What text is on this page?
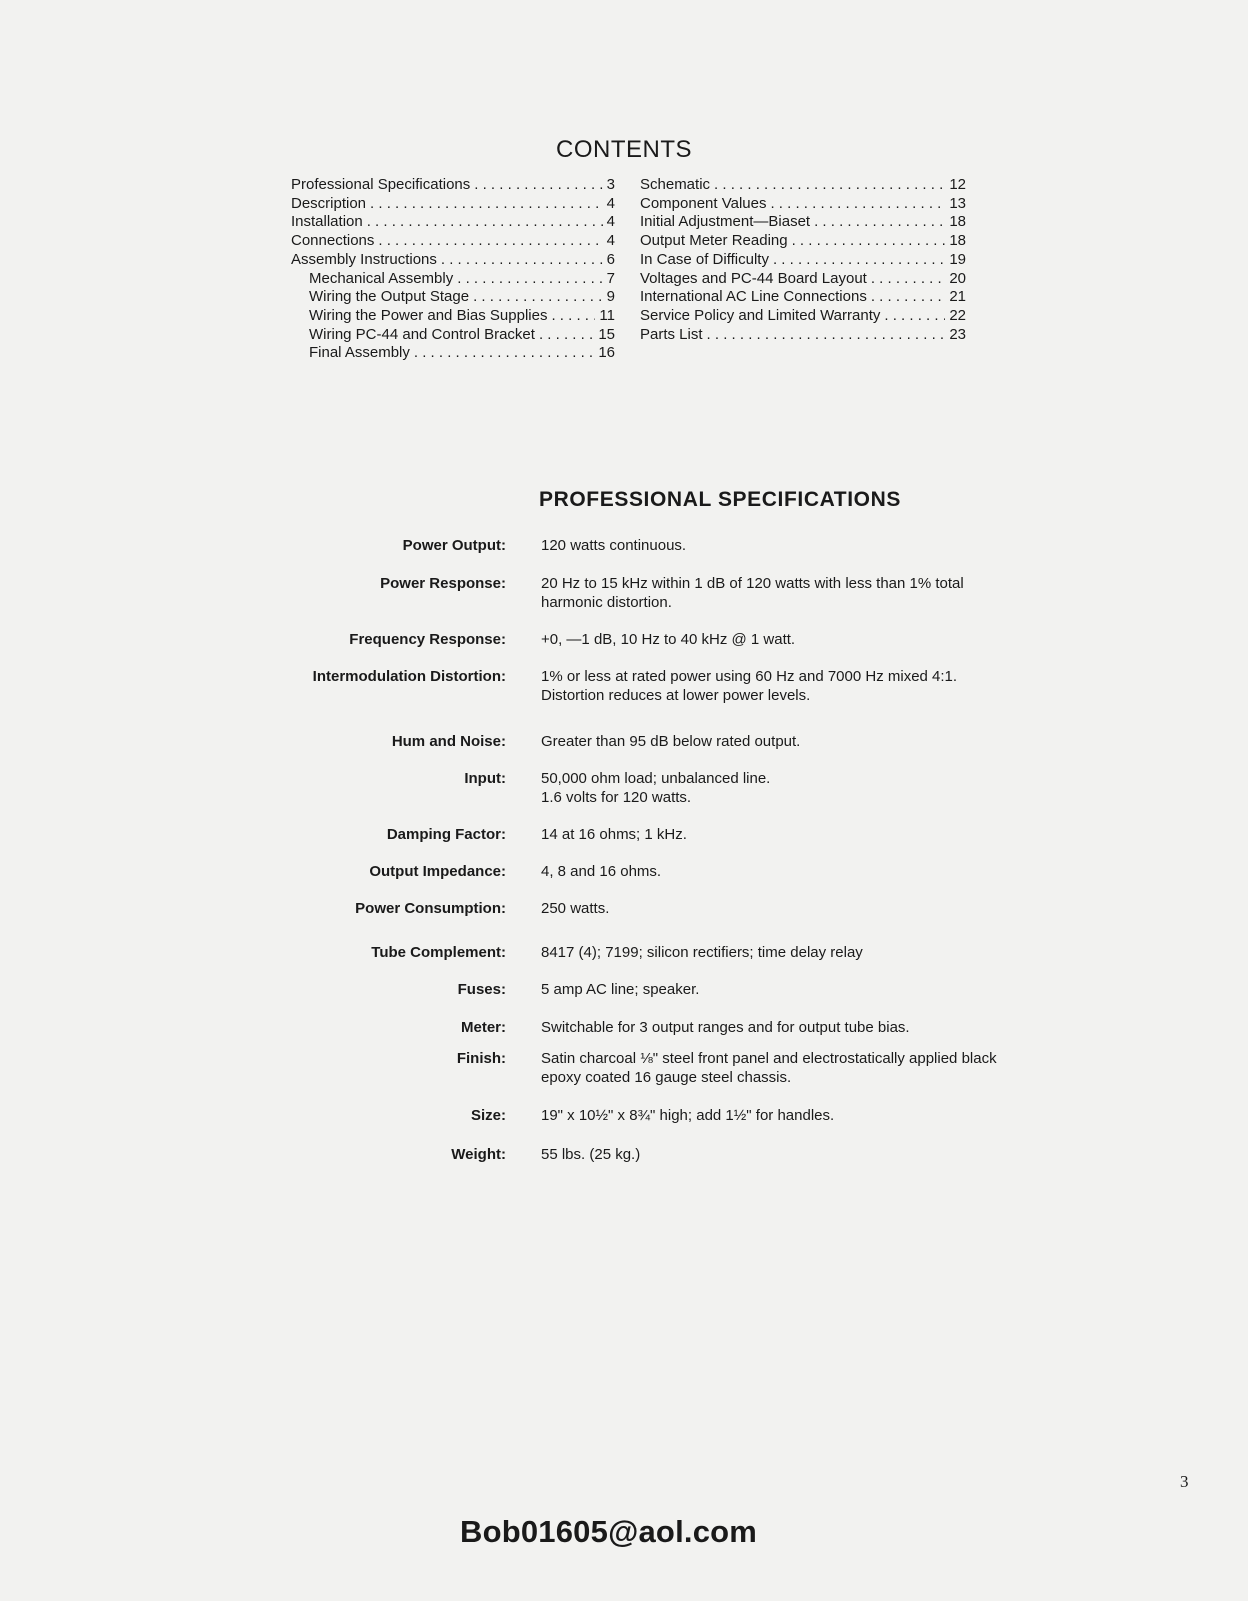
CONTENTS
Professional Specifications . . .	3
Description . . .	4
Installation . . .	4
Connections . . .	4
Assembly Instructions . . .	6
Mechanical Assembly . . .	7
Wiring the Output Stage . . .	9
Wiring the Power and Bias Supplies . . .	11
Wiring PC-44 and Control Bracket . . .	15
Final Assembly . . .	16
Schematic . . .	12
Component Values . . .	13
Initial Adjustment—Biaset . . .	18
Output Meter Reading . . .	18
In Case of Difficulty . . .	19
Voltages and PC-44 Board Layout . . .	20
International AC Line Connections . . .	21
Service Policy and Limited Warranty . . .	22
Parts List . . .	23
PROFESSIONAL SPECIFICATIONS
Power Output: 120 watts continuous.
Power Response: 20 Hz to 15 kHz within 1 dB of 120 watts with less than 1% total harmonic distortion.
Frequency Response: +0, —1 dB, 10 Hz to 40 kHz @ 1 watt.
Intermodulation Distortion: 1% or less at rated power using 60 Hz and 7000 Hz mixed 4:1. Distortion reduces at lower power levels.
Hum and Noise: Greater than 95 dB below rated output.
Input: 50,000 ohm load; unbalanced line.
1.6 volts for 120 watts.
Damping Factor: 14 at 16 ohms; 1 kHz.
Output Impedance: 4, 8 and 16 ohms.
Power Consumption: 250 watts.
Tube Complement: 8417 (4); 7199; silicon rectifiers; time delay relay
Fuses: 5 amp AC line; speaker.
Meter: Switchable for 3 output ranges and for output tube bias.
Finish: Satin charcoal ⅛" steel front panel and electrostatically applied black epoxy coated 16 gauge steel chassis.
Size: 19" x 10½" x 8¾" high; add 1½" for handles.
Weight: 55 lbs. (25 kg.)
3
Bob01605@aol.com
